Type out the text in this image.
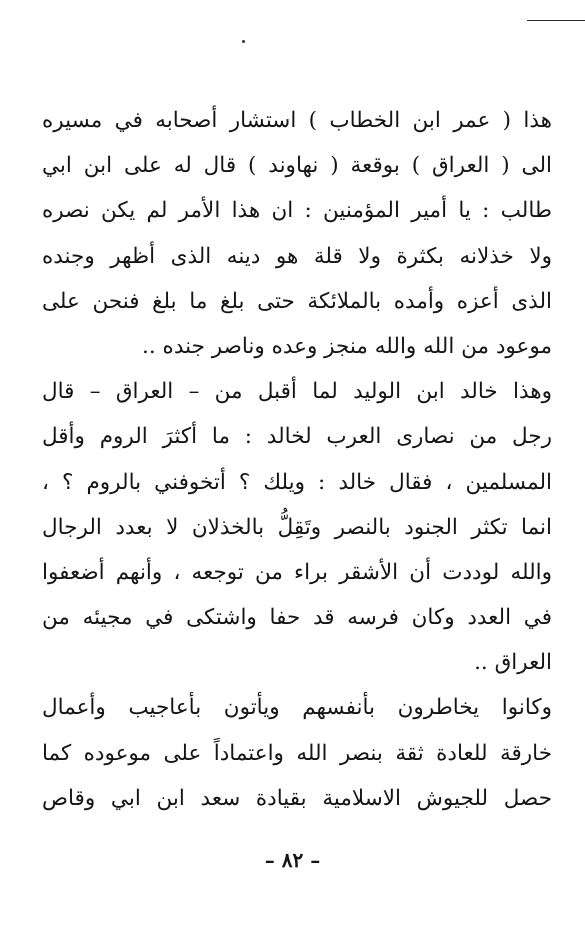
هذا ( عمر ابن الخطاب ) استشار أصحابه في مسيره
الى ( العراق ) بوقعة ( نهاوند ) قال له على ابن ابي
طالب : يا أمير المؤمنين : ان هذا الأمر لم يكن نصره
ولا خذلانه بكثرة ولا قلة هو دينه الذى أظهر وجنده
الذى أعزه وأمده بالملائكة حتى بلغ ما بلغ فنحن على
موعود من الله والله منجز وعده وناصر جنده ..
وهذا خالد ابن الوليد لما أقبل من – العراق – قال
رجل من نصارى العرب لخالد : ما أكثرَ الروم وأقل
المسلمين ، فقال خالد : ويلك ؟ أتخوفني بالروم ؟ ،
انما تكثر الجنود بالنصر وتَقِلُّ بالخذلان لا بعدد الرجال
والله لوددت أن الأشقر براء من توجعه ، وأنهم أضعفوا
في العدد وكان فرسه قد حفا واشتكى في مجيئه من
العراق ..
وكانوا يخاطرون بأنفسهم ويأتون بأعاجيب وأعمال
خارقة للعادة ثقة بنصر الله واعتماداً على موعوده كما
حصل للجيوش الاسلامية بقيادة سعد ابن ابي وقاص
– ٨٢ –
